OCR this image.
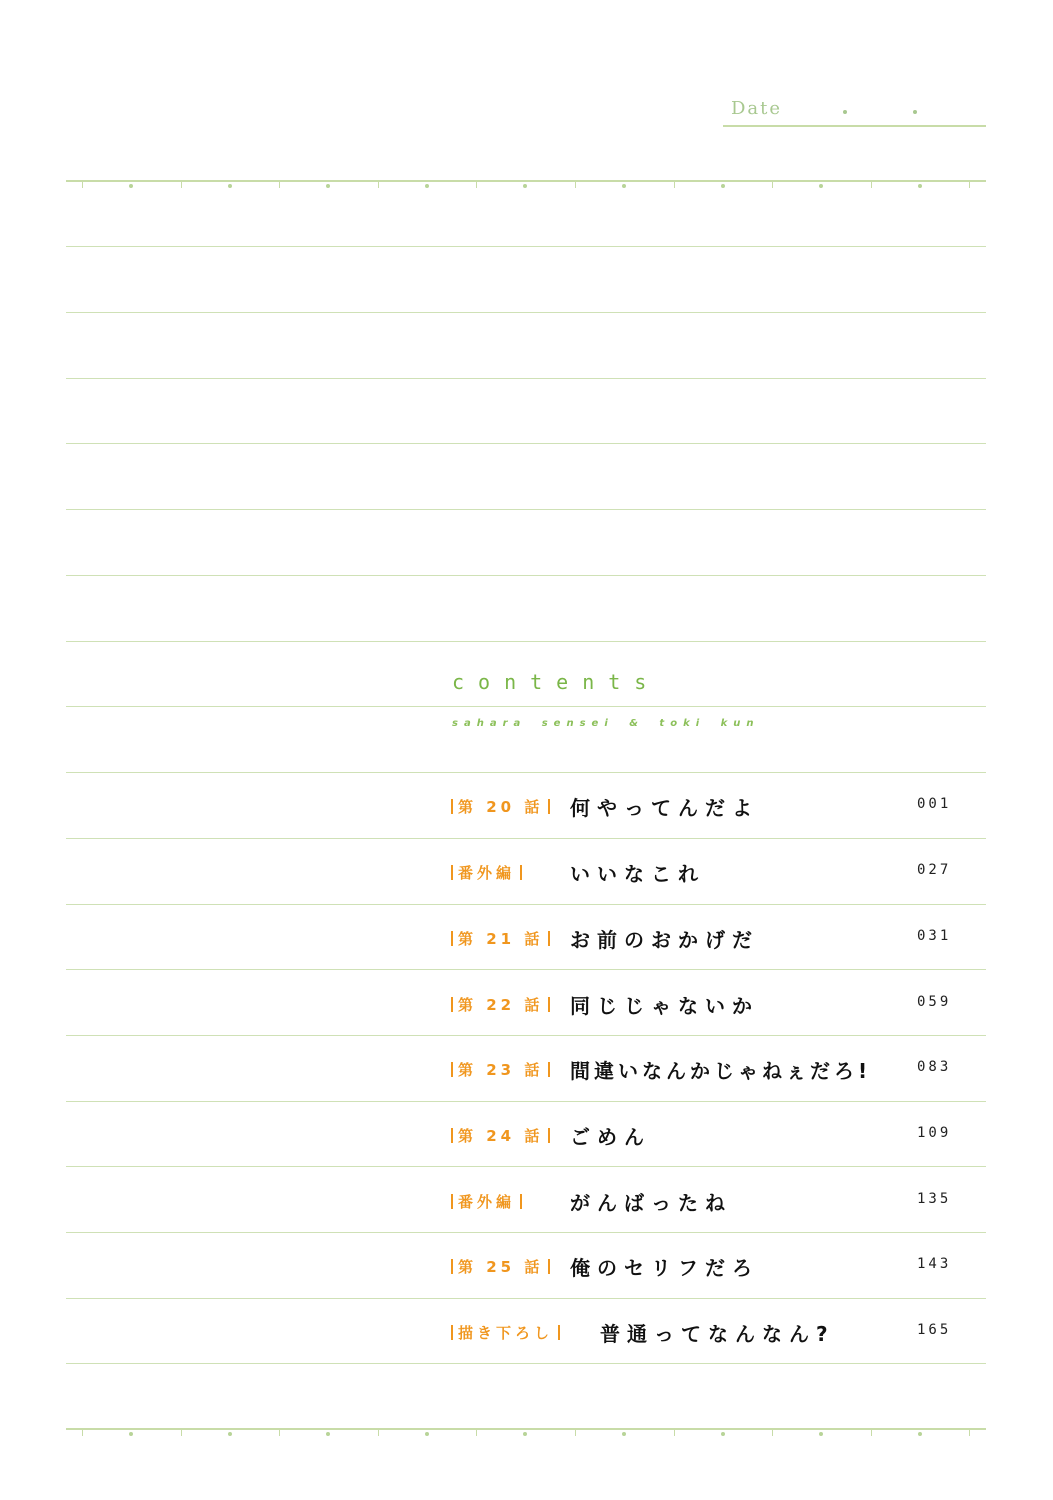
Date
contents
sahara sensei & toki kun
第 20 話	何やってんだよ	001
番外編	いいなこれ	027
第 21 話	お前のおかげだ	031
第 22 話	同じじゃないか	059
第 23 話	間違いなんかじゃねぇだろ!	083
第 24 話	ごめん	109
番外編	がんばったね	135
第 25 話	俺のセリフだろ	143
描き下ろし	普通ってなんなん?	165
